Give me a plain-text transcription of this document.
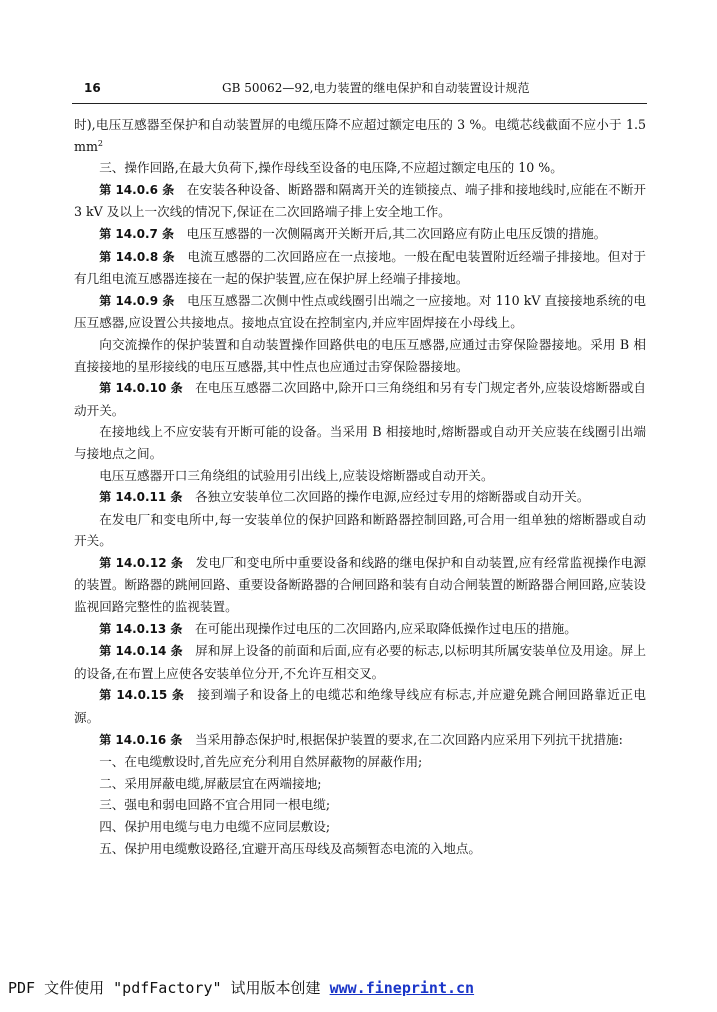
16	GB 50062—92,电力装置的继电保护和自动装置设计规范

时),电压互感器至保护和自动装置屏的电缆压降不应超过额定电压的 3 %。电缆芯线截面不应小于 1.5 $mm^2$

三、操作回路,在最大负荷下,操作母线至设备的电压降,不应超过额定电压的 10 %。

第 14.0.6 条　 在安装各种设备、断路器和隔离开关的连锁接点、端子排和接地线时,应能在不断开 3 kV 及以上一次线的情况下,保证在二次回路端子排上安全地工作。

第 14.0.7 条　 电压互感器的一次侧隔离开关断开后,其二次回路应有防止电压反馈的措施。

第 14.0.8 条　 电流互感器的二次回路应在一点接地。一般在配电装置附近经端子排接地。但对于有几组电流互感器连接在一起的保护装置,应在保护屏上经端子排接地。

第 14.0.9 条　 电压互感器二次侧中性点或线圈引出端之一应接地。对 110 kV 直接接地系统的电压互感器,应设置公共接地点。接地点宜设在控制室内,并应牢固焊接在小母线上。

向交流操作的保护装置和自动装置操作回路供电的电压互感器,应通过击穿保险器接地。采用 B 相直接接地的星形接线的电压互感器,其中性点也应通过击穿保险器接地。

第 14.0.10 条　 在电压互感器二次回路中,除开口三角绕组和另有专门规定者外,应装设熔断器或自动开关。

在接地线上不应安装有开断可能的设备。当采用 B 相接地时,熔断器或自动开关应装在线圈引出端与接地点之间。

电压互感器开口三角绕组的试验用引出线上,应装设熔断器或自动开关。

第 14.0.11 条　 各独立安装单位二次回路的操作电源,应经过专用的熔断器或自动开关。

在发电厂和变电所中,每一安装单位的保护回路和断路器控制回路,可合用一组单独的熔断器或自动开关。

第 14.0.12 条　 发电厂和变电所中重要设备和线路的继电保护和自动装置,应有经常监视操作电源的装置。断路器的跳闸回路、重要设备断路器的合闸回路和装有自动合闸装置的断路器合闸回路,应装设监视回路完整性的监视装置。

第 14.0.13 条　 在可能出现操作过电压的二次回路内,应采取降低操作过电压的措施。

第 14.0.14 条　 屏和屏上设备的前面和后面,应有必要的标志,以标明其所属安装单位及用途。屏上的设备,在布置上应使各安装单位分开,不允许互相交叉。

第 14.0.15 条　 接到端子和设备上的电缆芯和绝缘导线应有标志,并应避免跳合闸回路靠近正电源。

第 14.0.16 条　 当采用静态保护时,根据保护装置的要求,在二次回路内应采用下列抗干扰措施:

一、在电缆敷设时,首先应充分利用自然屏蔽物的屏蔽作用;

二、采用屏蔽电缆,屏蔽层宜在两端接地;

三、强电和弱电回路不宜合用同一根电缆;

四、保护用电缆与电力电缆不应同层敷设;

五、保护用电缆敷设路径,宜避开高压母线及高频暂态电流的入地点。

PDF 文件使用 "pdfFactory" 试用版本创建 www.fineprint.cn
